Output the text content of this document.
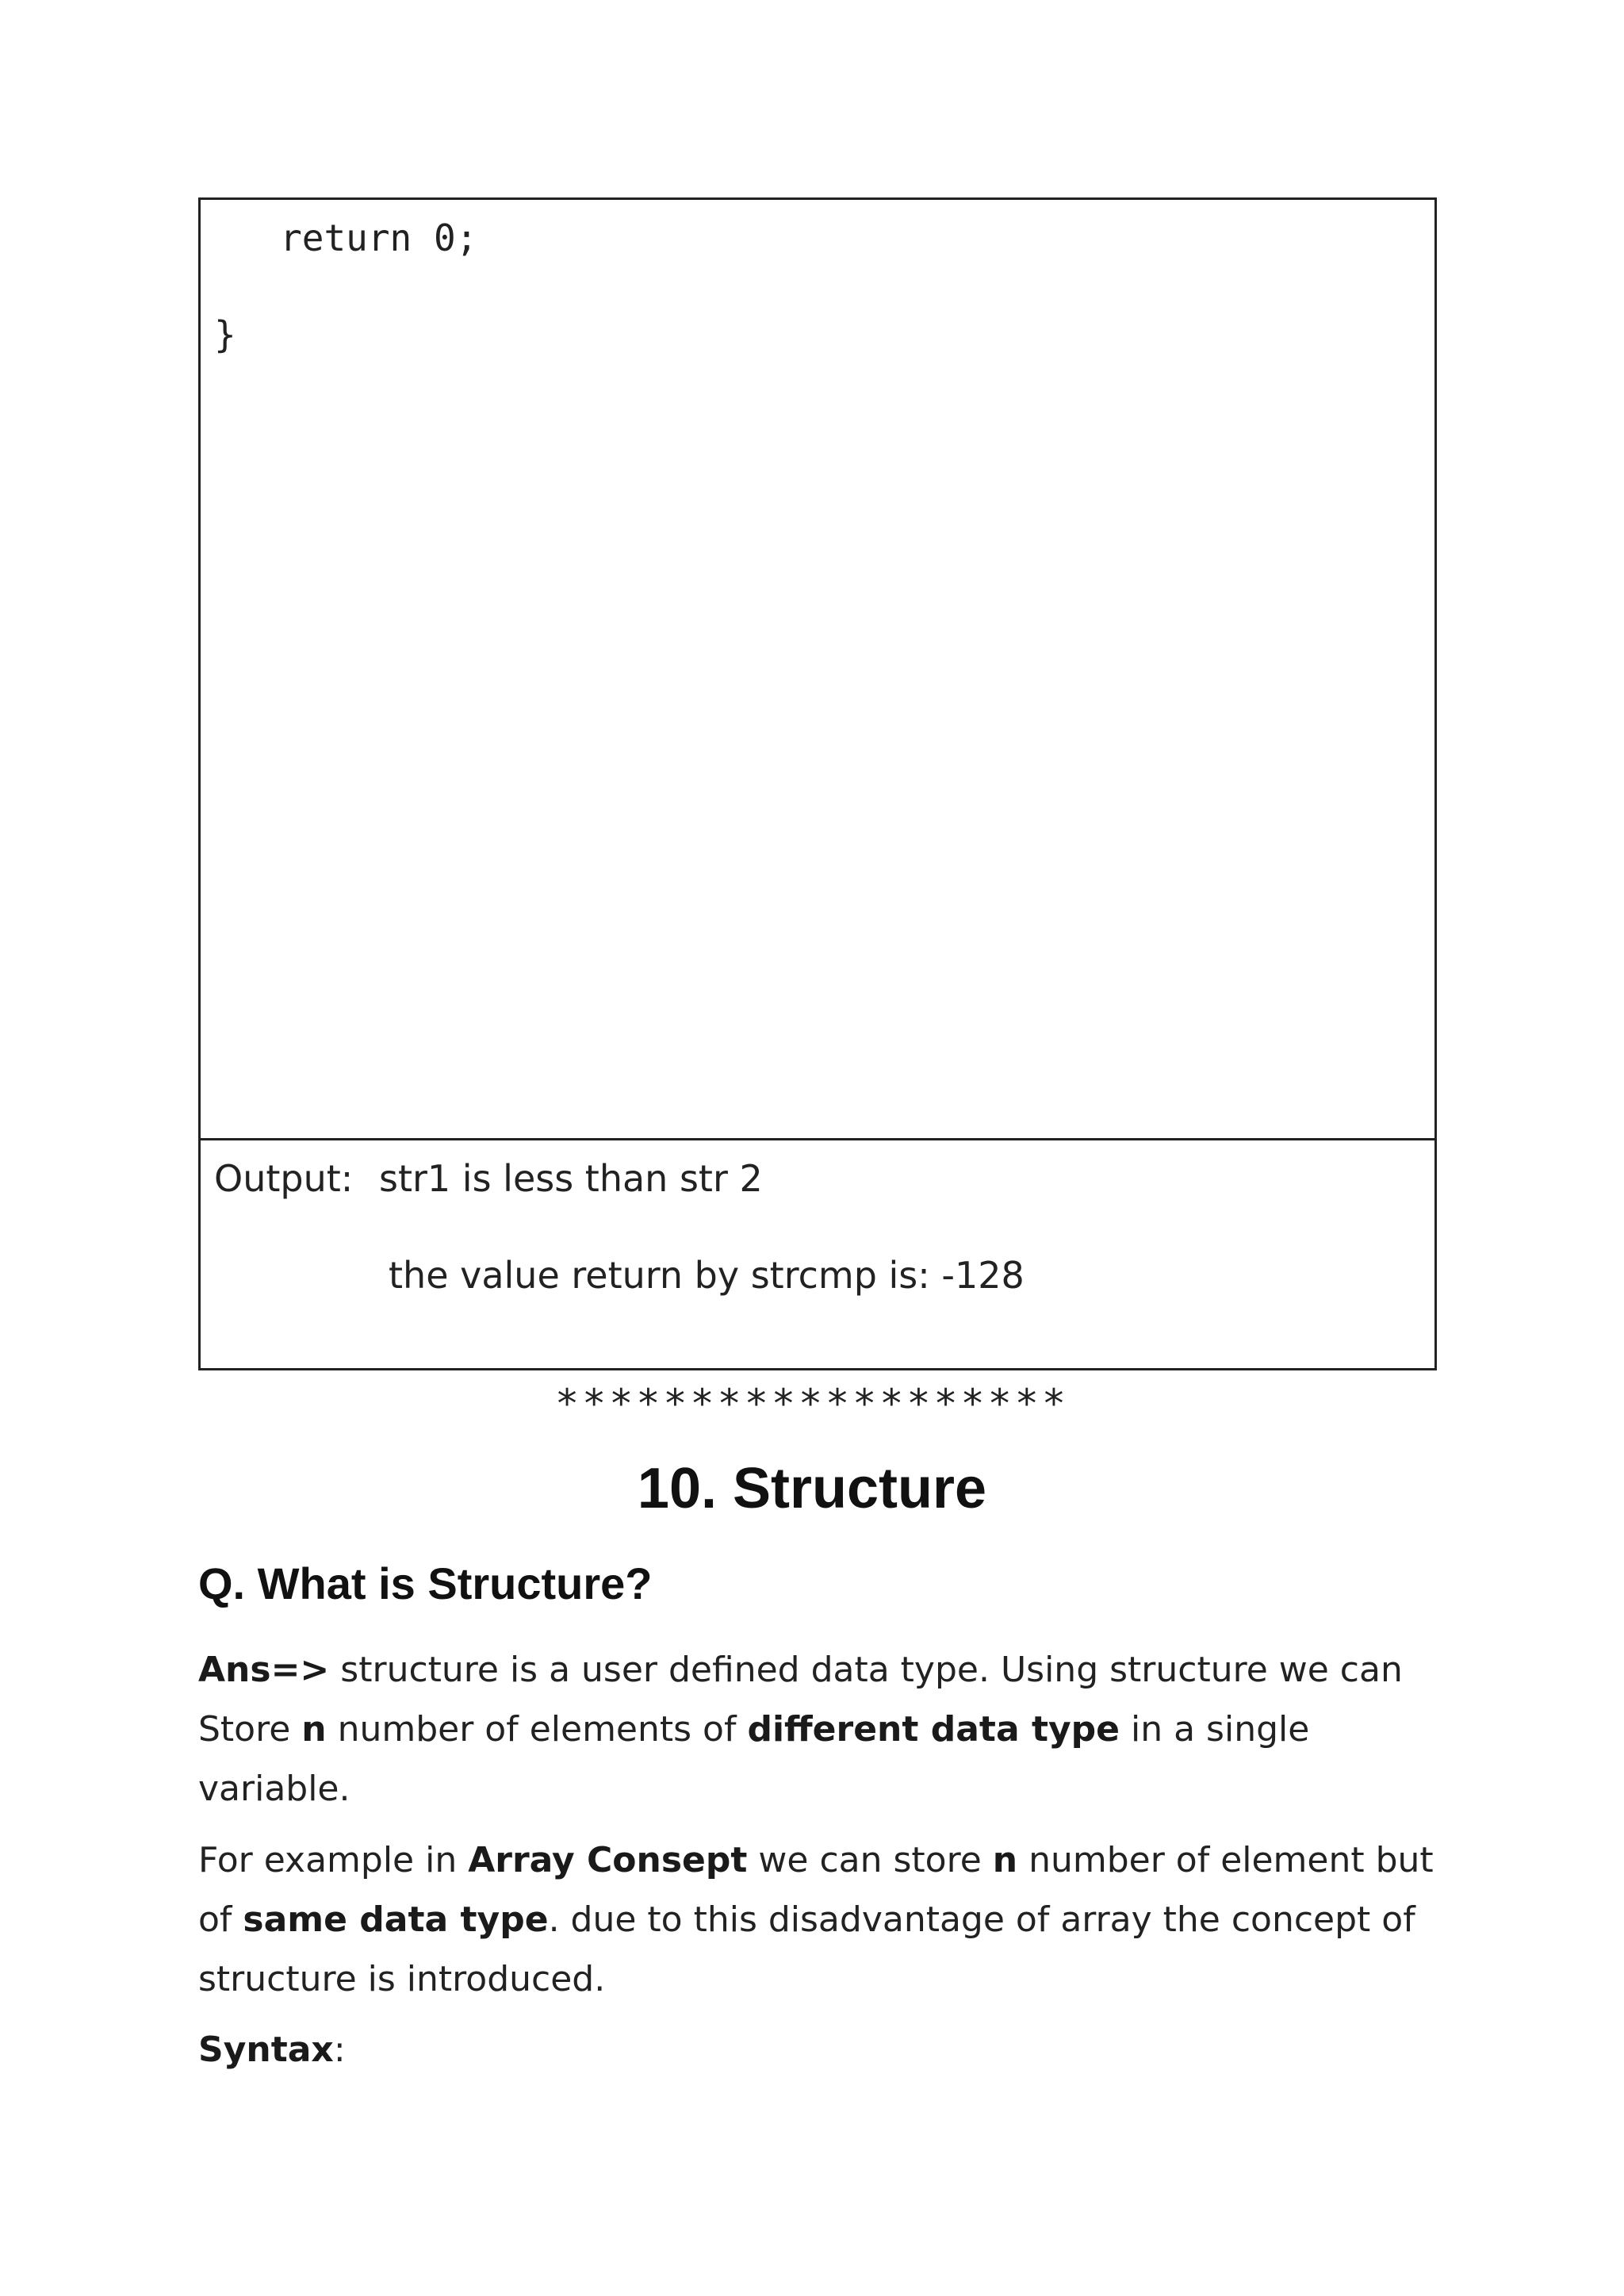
return 0;
}
Output: str1 is less than str 2
the value return by strcmp is: -128
*******************
10. Structure
Q. What is Structure?
Ans=> structure is a user defined data type. Using structure we can Store n number of elements of different data type in a single variable.
For example in Array Consept we can store n number of element but of same data type. due to this disadvantage of array the concept of structure is introduced.
Syntax:
